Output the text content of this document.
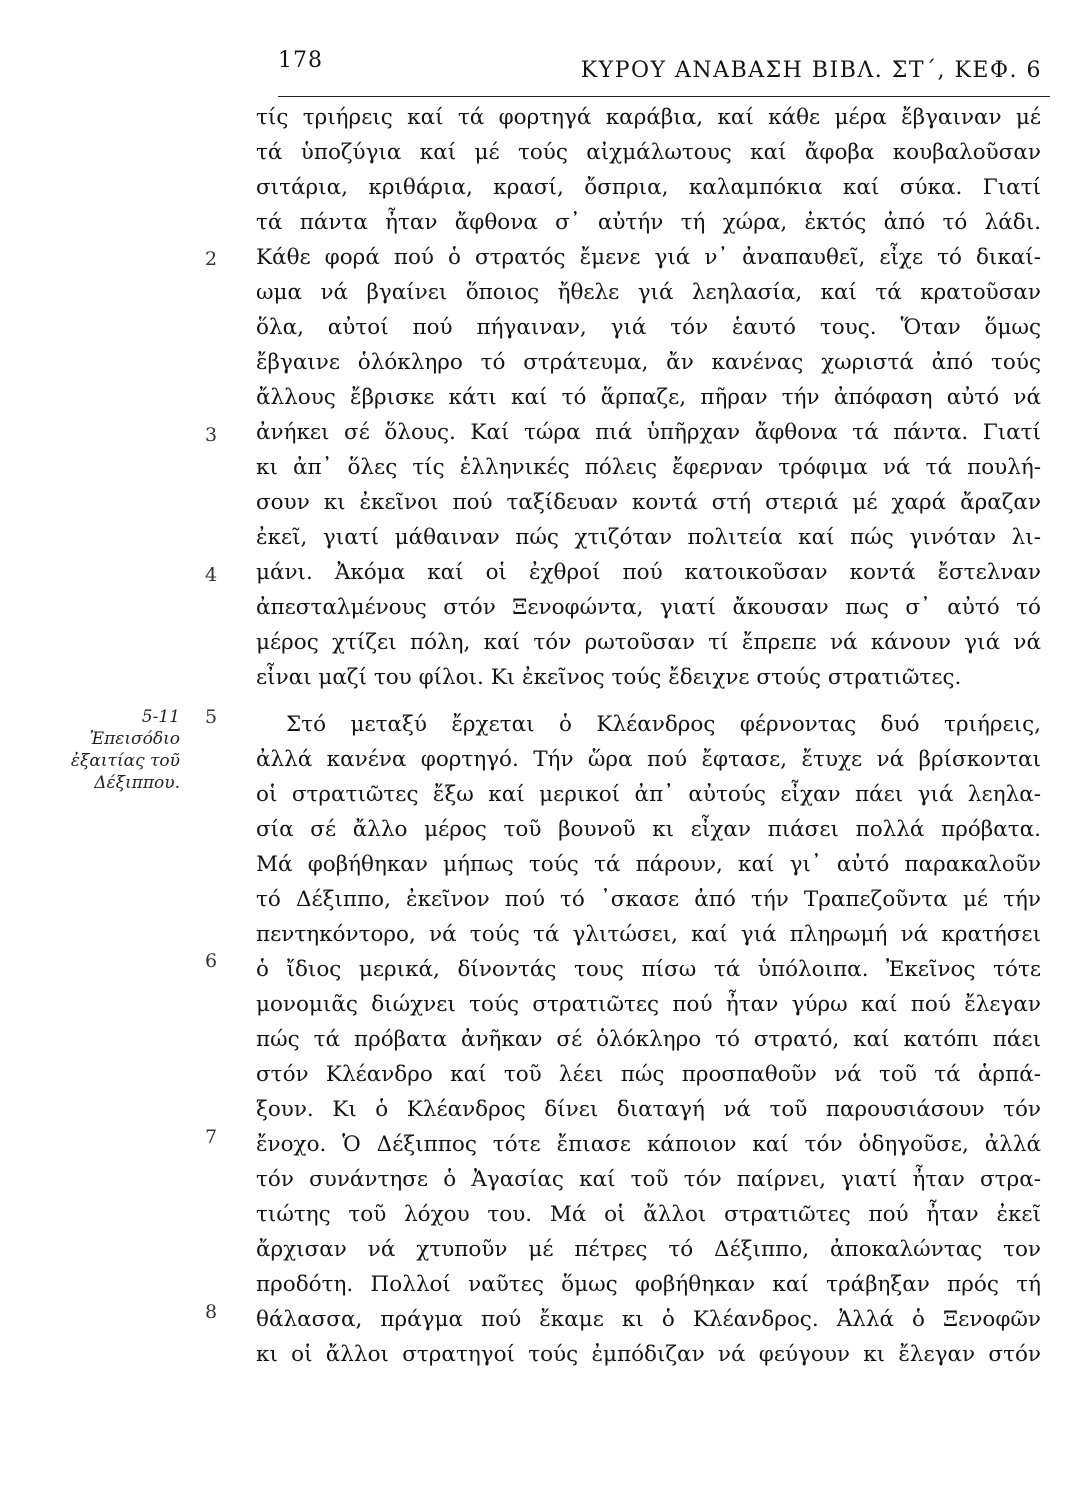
178	ΚΥΡΟΥ ΑΝΑΒΑΣΗ ΒΙΒΛ. ΣΤ΄, ΚΕΦ. 6
5-11
Ἐπεισόδιο
ἐξαιτίας τοῦ
Δέξιππου.
2
3
4
5
6
7
8
τίς τριήρεις καί τά φορτηγά καράβια, καί κάθε μέρα ἔβγαιναν μέ
τά ὑποζύγια καί μέ τούς αἰχμάλωτους καί ἄφοβα κουβαλοῦσαν
σιτάρια, κριθάρια, κρασί, ὄσπρια, καλαμπόκια καί σύκα. Γιατί
τά πάντα ἦταν ἄφθονα σ᾽ αὐτήν τή χώρα, ἐκτός ἀπό τό λάδι.
Κάθε φορά πού ὁ στρατός ἔμενε γιά ν᾽ ἀναπαυθεῖ, εἶχε τό δικαί-
ωμα νά βγαίνει ὅποιος ἤθελε γιά λεηλασία, καί τά κρατοῦσαν
ὅλα, αὐτοί πού πήγαιναν, γιά τόν ἑαυτό τους. Ὅταν ὅμως
ἔβγαινε ὁλόκληρο τό στράτευμα, ἄν κανένας χωριστά ἀπό τούς
ἄλλους ἔβρισκε κάτι καί τό ἅρπαζε, πῆραν τήν ἀπόφαση αὐτό νά
ἀνήκει σέ ὅλους. Καί τώρα πιά ὑπῆρχαν ἄφθονα τά πάντα. Γιατί
κι ἀπ᾽ ὅλες τίς ἑλληνικές πόλεις ἔφερναν τρόφιμα νά τά πουλή-
σουν κι ἐκεῖνοι πού ταξίδευαν κοντά στή στεριά μέ χαρά ἄραζαν
ἐκεῖ, γιατί μάθαιναν πώς χτιζόταν πολιτεία καί πώς γινόταν λι-
μάνι. Ἀκόμα καί οἱ ἐχθροί πού κατοικοῦσαν κοντά ἔστελναν
ἀπεσταλμένους στόν Ξενοφώντα, γιατί ἄκουσαν πως σ᾽ αὐτό τό
μέρος χτίζει πόλη, καί τόν ρωτοῦσαν τί ἔπρεπε νά κάνουν γιά νά
εἶναι μαζί του φίλοι. Κι ἐκεῖνος τούς ἔδειχνε στούς στρατιῶτες.
Στό μεταξύ ἔρχεται ὁ Κλέανδρος φέρνοντας δυό τριήρεις,
ἀλλά κανένα φορτηγό. Τήν ὥρα πού ἔφτασε, ἔτυχε νά βρίσκονται
οἱ στρατιῶτες ἔξω καί μερικοί ἀπ᾽ αὐτούς εἶχαν πάει γιά λεηλα-
σία σέ ἄλλο μέρος τοῦ βουνοῦ κι εἶχαν πιάσει πολλά πρόβατα.
Μά φοβήθηκαν μήπως τούς τά πάρουν, καί γι᾽ αὐτό παρακαλοῦν
τό Δέξιππο, ἐκεῖνον πού τό ᾽σκασε ἀπό τήν Τραπεζοῦντα μέ τήν
πεντηκόντορο, νά τούς τά γλιτώσει, καί γιά πληρωμή νά κρατήσει
ὁ ἴδιος μερικά, δίνοντάς τους πίσω τά ὑπόλοιπα. Ἐκεῖνος τότε
μονομιᾶς διώχνει τούς στρατιῶτες πού ἦταν γύρω καί πού ἔλεγαν
πώς τά πρόβατα ἀνῆκαν σέ ὁλόκληρο τό στρατό, καί κατόπι πάει
στόν Κλέανδρο καί τοῦ λέει πώς προσπαθοῦν νά τοῦ τά ἁρπά-
ξουν. Κι ὁ Κλέανδρος δίνει διαταγή νά τοῦ παρουσιάσουν τόν
ἔνοχο. Ὁ Δέξιππος τότε ἔπιασε κάποιον καί τόν ὁδηγοῦσε, ἀλλά
τόν συνάντησε ὁ Ἀγασίας καί τοῦ τόν παίρνει, γιατί ἦταν στρα-
τιώτης τοῦ λόχου του. Μά οἱ ἄλλοι στρατιῶτες πού ἦταν ἐκεῖ
ἄρχισαν νά χτυποῦν μέ πέτρες τό Δέξιππο, ἀποκαλώντας τον
προδότη. Πολλοί ναῦτες ὅμως φοβήθηκαν καί τράβηξαν πρός τή
θάλασσα, πράγμα πού ἔκαμε κι ὁ Κλέανδρος. Ἀλλά ὁ Ξενοφῶν
κι οἱ ἄλλοι στρατηγοί τούς ἐμπόδιζαν νά φεύγουν κι ἔλεγαν στόν
